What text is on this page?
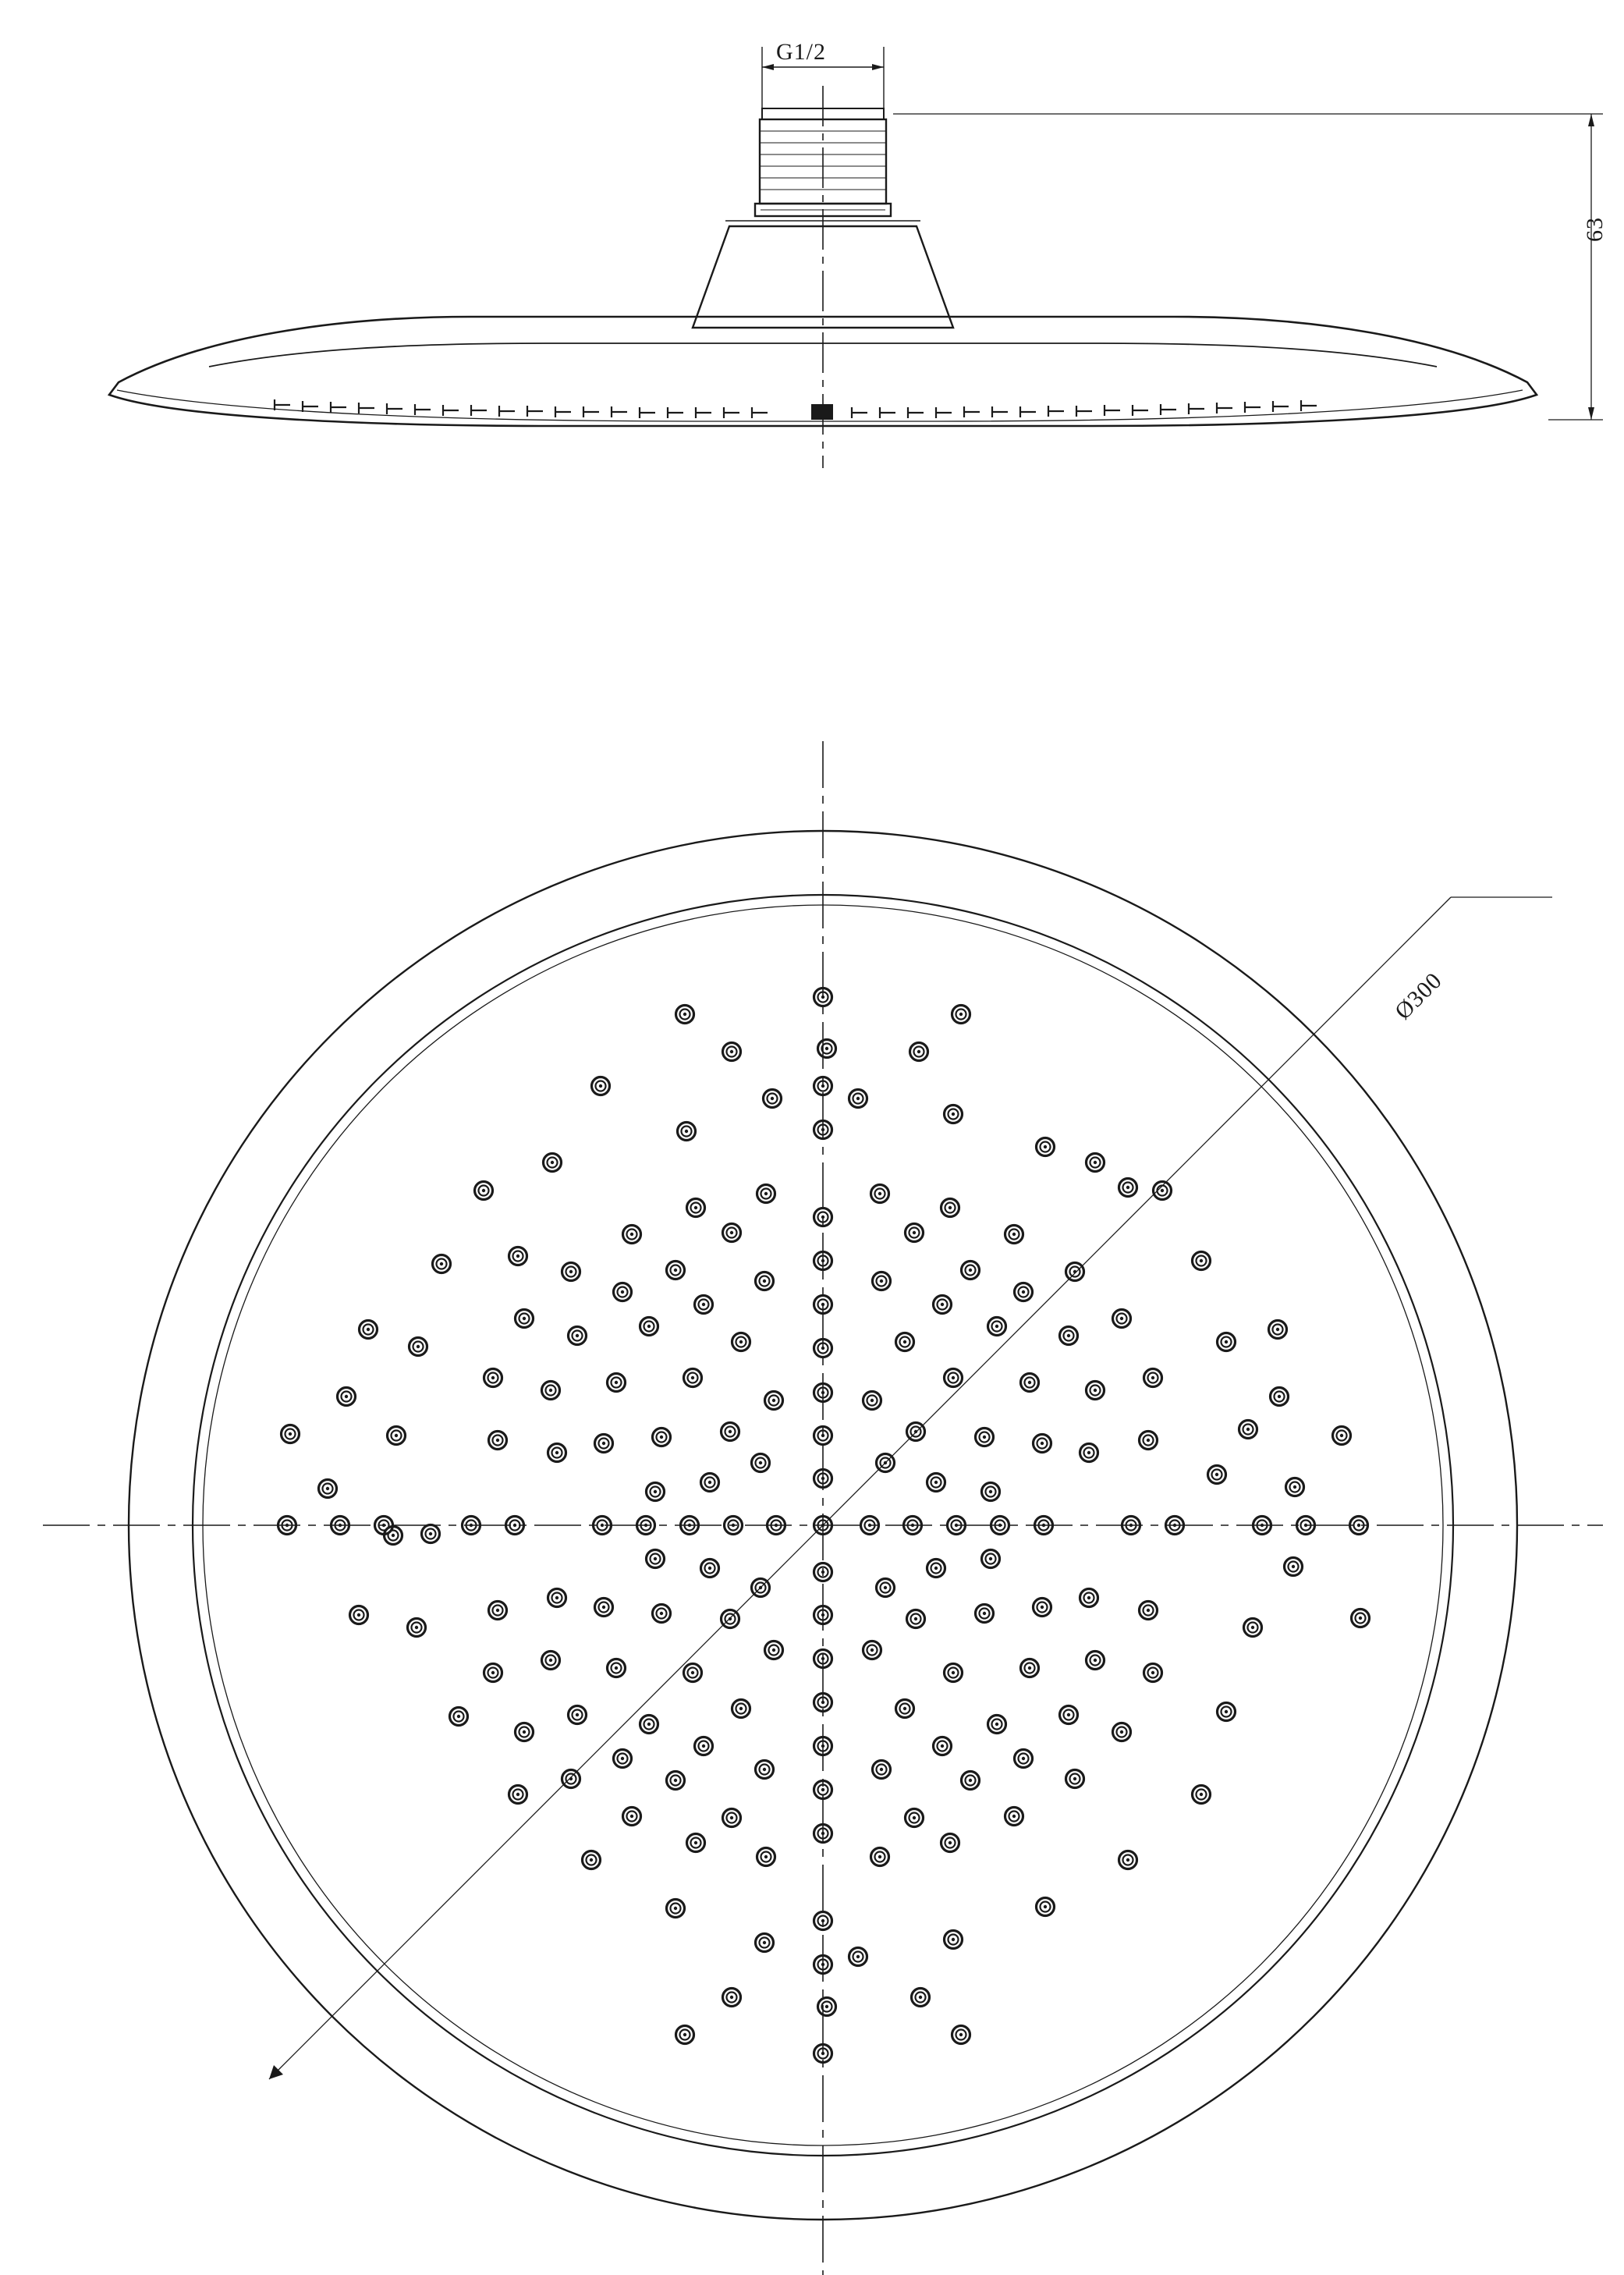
G1/2
63
Ø300
